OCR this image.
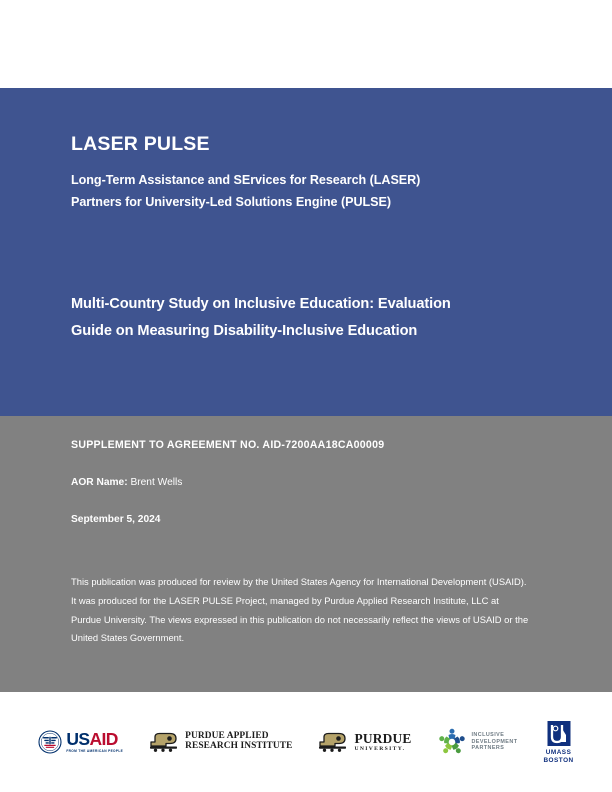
LASER PULSE

Long-Term Assistance and SErvices for Research (LASER)

Partners for University-Led Solutions Engine (PULSE)

Multi-Country Study on Inclusive Education: Evaluation

Guide on Measuring Disability-Inclusive Education

SUPPLEMENT TO AGREEMENT NO. AID-7200AA18CA00009

AOR Name: Brent Wells

September 5, 2024

This publication was produced for review by the United States Agency for International Development (USAID). It was produced for the LASER PULSE Project, managed by Purdue Applied Research Institute, LLC at Purdue University. The views expressed in this publication do not necessarily reflect the views of USAID or the United States Government.

USAID
FROM THE AMERICAN PEOPLE
PURDUE APPLIED
RESEARCH INSTITUTE
PURDUE
UNIVERSITY.
INCLUSIVE
DEVELOPMENT
PARTNERS
UMASS
BOSTON
